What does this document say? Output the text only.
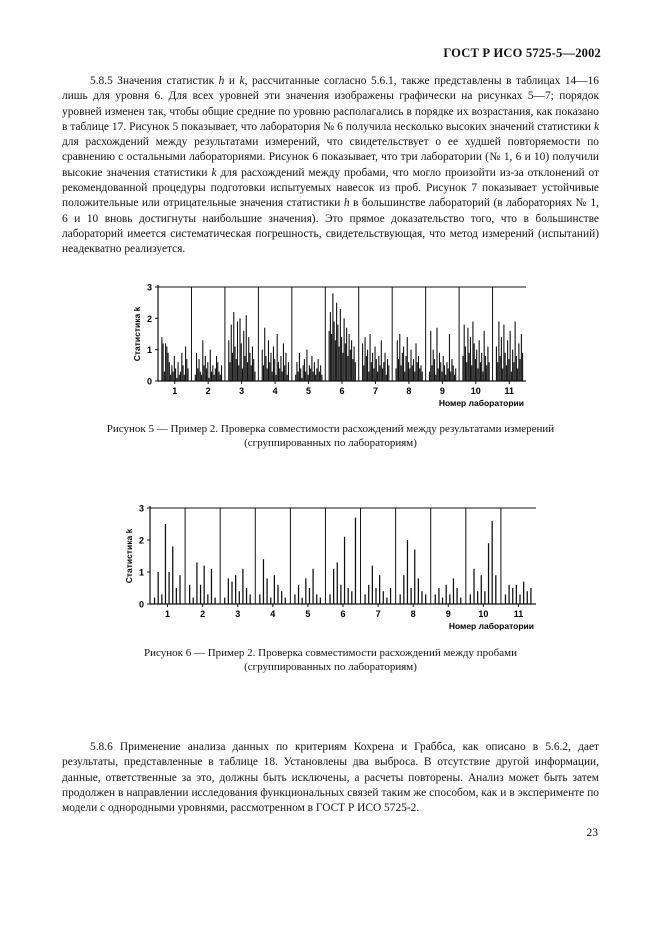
ГОСТ Р ИСО 5725-5—2002

5.8.5 Значения статистик h и k, рассчитанные согласно 5.6.1, также представлены в таблицах 14—16 лишь для уровня 6. Для всех уровней эти значения изображены графически на рисунках 5—7; порядок уровней изменен так, чтобы общие средние по уровню располагались в порядке их возрастания, как показано в таблице 17. Рисунок 5 показывает, что лаборатория № 6 получила несколько высоких значений статистики k для расхождений между результатами измерений, что свидетельствует о ее худшей повторяемости по сравнению с остальными лабораториями. Рисунок 6 показывает, что три лаборатории (№ 1, 6 и 10) получили высокие значения статистики k для расхождений между пробами, что могло произойти из-за отклонений от рекомендованной процедуры подготовки испытуемых навесок из проб. Рисунок 7 показывает устойчивые положительные или отрицательные значения статистики h в большинстве лабораторий (в лабораториях № 1, 6 и 10 вновь достигнуты наибольшие значения). Это прямое доказательство того, что в большинстве лабораторий имеется систематическая погрешность, свидетельствующая, что метод измерений (испытаний) неадекватно реализуется.

0
1
2
3
Статистика k
1	2	3	4	5	6	7	8	9	10	11
Номер лаборатории

Рисунок 5 — Пример 2. Проверка совместимости расхождений между результатами измерений
(сгруппированных по лабораториям)

0
1
2
3
Статистика k
1	2	3	4	5	6	7	8	9	10	11
Номер лаборатории

Рисунок 6 — Пример 2. Проверка совместимости расхождений между пробами
(сгруппированных по лабораториям)

5.8.6 Применение анализа данных по критериям Кохрена и Граббса, как описано в 5.6.2, дает результаты, представленные в таблице 18. Установлены два выброса. В отсутствие другой информации, данные, ответственные за это, должны быть исключены, а расчеты повторены. Анализ может быть затем продолжен в направлении исследования функциональных связей таким же способом, как и в эксперименте по модели с однородными уровнями, рассмотренном в ГОСТ Р ИСО 5725-2.

23
